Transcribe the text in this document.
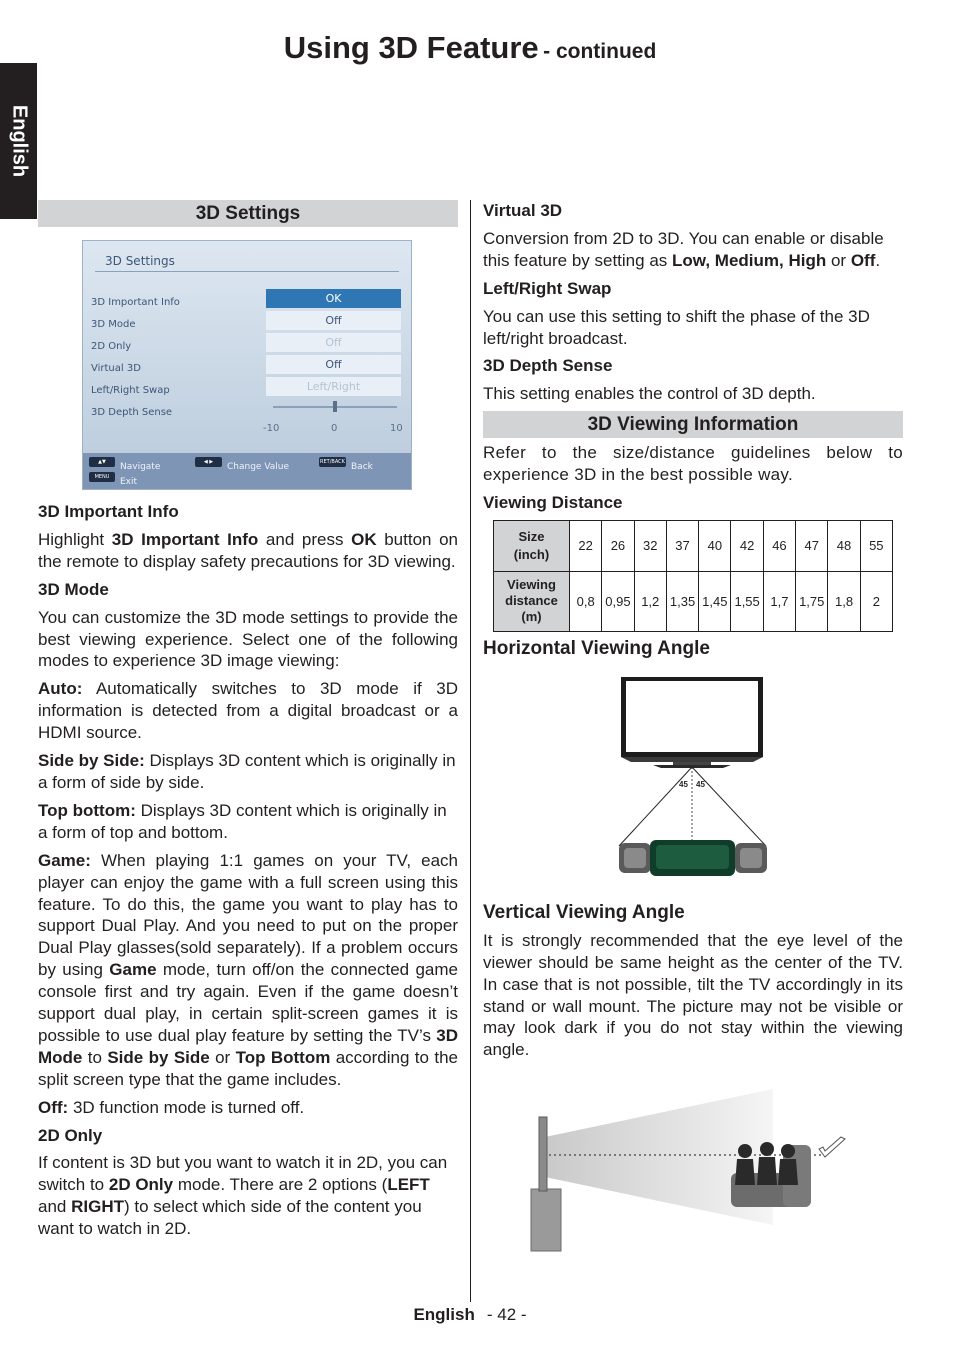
Using 3D Feature - continued
English
3D Settings
3D Settings
3D Important Info	OK
3D Mode	Off
2D Only	Off
Virtual 3D	Off
Left/Right Swap	Left/Right
3D Depth Sense
-10	0	10
▲▼	Navigate
MENU	Exit
◀ ▶	Change Value	RET/BACK Back
3D Important Info

Highlight 3D Important Info and press OK button on the remote to display safety precautions for 3D viewing.

3D Mode

You can customize the 3D mode settings to provide the best viewing experience. Select one of the following modes to experience 3D image viewing:

Auto: Automatically switches to 3D mode if 3D information is detected from a digital broadcast or a HDMI source.

Side by Side: Displays 3D content which is originally in a form of side by side.

Top bottom: Displays 3D content which is originally in a form of top and bottom.

Game: When playing 1:1 games on your TV, each player can enjoy the game with a full screen using this feature. To do this, the game you want to play has to support Dual Play. And you need to put on the proper Dual Play glasses(sold separately). If a problem occurs by using Game mode, turn off/on the connected game console first and try again. Even if the game doesn’t support dual play, in certain split-screen games it is possible to use dual play feature by setting the TV’s 3D Mode to Side by Side or Top Bottom according to the split screen type that the game includes.

Off: 3D function mode is turned off.

2D Only

If content is 3D but you want to watch it in 2D, you can switch to 2D Only mode. There are 2 options (LEFT and RIGHT) to select which side of the content you want to watch in 2D.

Virtual 3D

Conversion from 2D to 3D. You can enable or disable this feature by setting as Low, Medium, High or Off.

Left/Right Swap

You can use this setting to shift the phase of the 3D left/right broadcast.

3D Depth Sense

This setting enables the control of 3D depth.

3D Viewing Information

Refer to the size/distance guidelines below to experience 3D in the best possible way.

Viewing Distance
Size
(inch)	22	26	32	37	40	42	46	47	48	55

Viewing
distance
(m)	0,8	0,95	1,2	1,35	1,45	1,55	1,7	1,75	1,8	2
Horizontal Viewing Angle
45 45
Vertical Viewing Angle

It is strongly recommended that the eye level of the viewer should be same height as the center of the TV. In case that is not possible, tilt the TV accordingly in its stand or wall mount. The picture may not be visible or may look dark if you do not stay within the viewing angle.

English - 42 -
